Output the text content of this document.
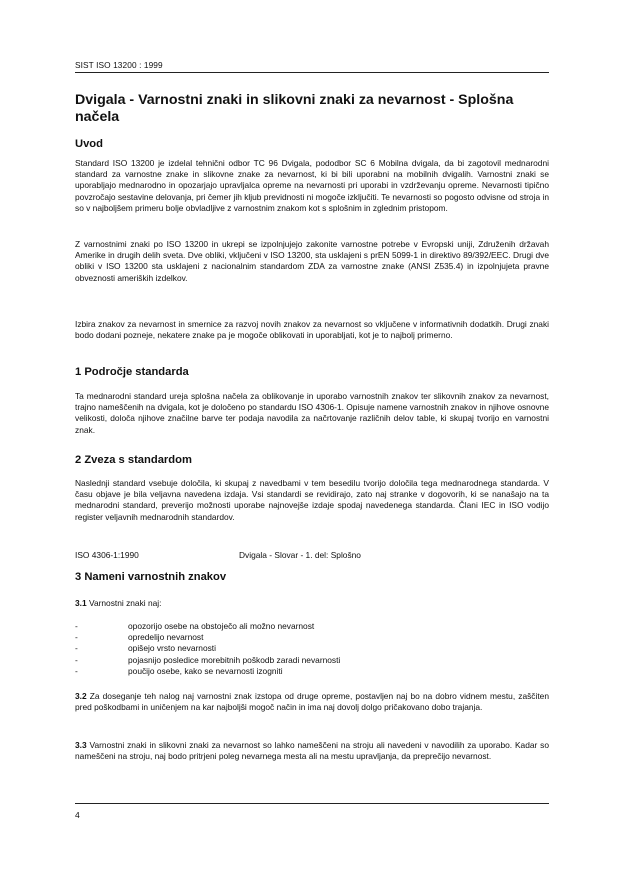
SIST ISO 13200 : 1999
Dvigala - Varnostni znaki in slikovni znaki za nevarnost - Splošna načela
Uvod

Standard ISO 13200 je izdelal tehnični odbor TC 96 Dvigala, pododbor SC 6 Mobilna dvigala, da bi zagotovil mednarodni standard za varnostne znake in slikovne znake za nevarnost, ki bi bili uporabni na mobilnih dvigalih. Varnostni znaki se uporabljajo mednarodno in opozarjajo upravljalca opreme na nevarnosti pri uporabi in vzdrževanju opreme. Nevarnosti tipično povzročajo sestavine delovanja, pri čemer jih kljub previdnosti ni mogoče izključiti. Te nevarnosti so pogosto odvisne od stroja in so v najboljšem primeru bolje obvladljive z varnostnim znakom kot s splošnim in zglednim pristopom.

Z varnostnimi znaki po ISO 13200 in ukrepi se izpolnjujejo zakonite varnostne potrebe v Evropski uniji, Združenih državah Amerike in drugih delih sveta. Dve obliki, vključeni v ISO 13200, sta usklajeni s prEN 5099-1 in direktivo 89/392/EEC. Drugi dve obliki v ISO 13200 sta usklajeni z nacionalnim standardom ZDA za varnostne znake (ANSI Z535.4) in izpolnjujeta pravne obveznosti ameriških izdelkov.

Izbira znakov za nevarnost in smernice za razvoj novih znakov za nevarnost so vključene v informativnih dodatkih. Drugi znaki bodo dodani pozneje, nekatere znake pa je mogoče oblikovati in uporabljati, kot je to najbolj primerno.

1 Področje standarda

Ta mednarodni standard ureja splošna načela za oblikovanje in uporabo varnostnih znakov ter slikovnih znakov za nevarnost, trajno nameščenih na dvigala, kot je določeno po standardu ISO 4306-1. Opisuje namene varnostnih znakov in njihove osnovne velikosti, določa njihove značilne barve ter podaja navodila za načrtovanje različnih delov table, ki skupaj tvorijo en varnostni znak.

2 Zveza s standardom

Naslednji standard vsebuje določila, ki skupaj z navedbami v tem besedilu tvorijo določila tega mednarodnega standarda. V času objave je bila veljavna navedena izdaja. Vsi standardi se revidirajo, zato naj stranke v dogovorih, ki se nanašajo na ta mednarodni standard, preverijo možnosti uporabe najnovejše izdaje spodaj navedenega standarda. Člani IEC in ISO vodijo register veljavnih mednarodnih standardov.

ISO 4306-1:1990	Dvigala - Slovar - 1. del: Splošno
3 Nameni varnostnih znakov

3.1 Varnostni znaki naj:

-	opozorijo osebe na obstoječo ali možno nevarnost
-	opredelijo nevarnost
-	opišejo vrsto nevarnosti
-	pojasnijo posledice morebitnih poškodb zaradi nevarnosti
-	poučijo osebe, kako se nevarnosti izogniti

3.2 Za doseganje teh nalog naj varnostni znak izstopa od druge opreme, postavljen naj bo na dobro vidnem mestu, zaščiten pred poškodbami in uničenjem na kar najboljši mogoč način in ima naj dovolj dolgo pričakovano dobo trajanja.

3.3 Varnostni znaki in slikovni znaki za nevarnost so lahko nameščeni na stroju ali navedeni v navodilih za uporabo. Kadar so nameščeni na stroju, naj bodo pritrjeni poleg nevarnega mesta ali na mestu upravljanja, da preprečijo nevarnost.

4
